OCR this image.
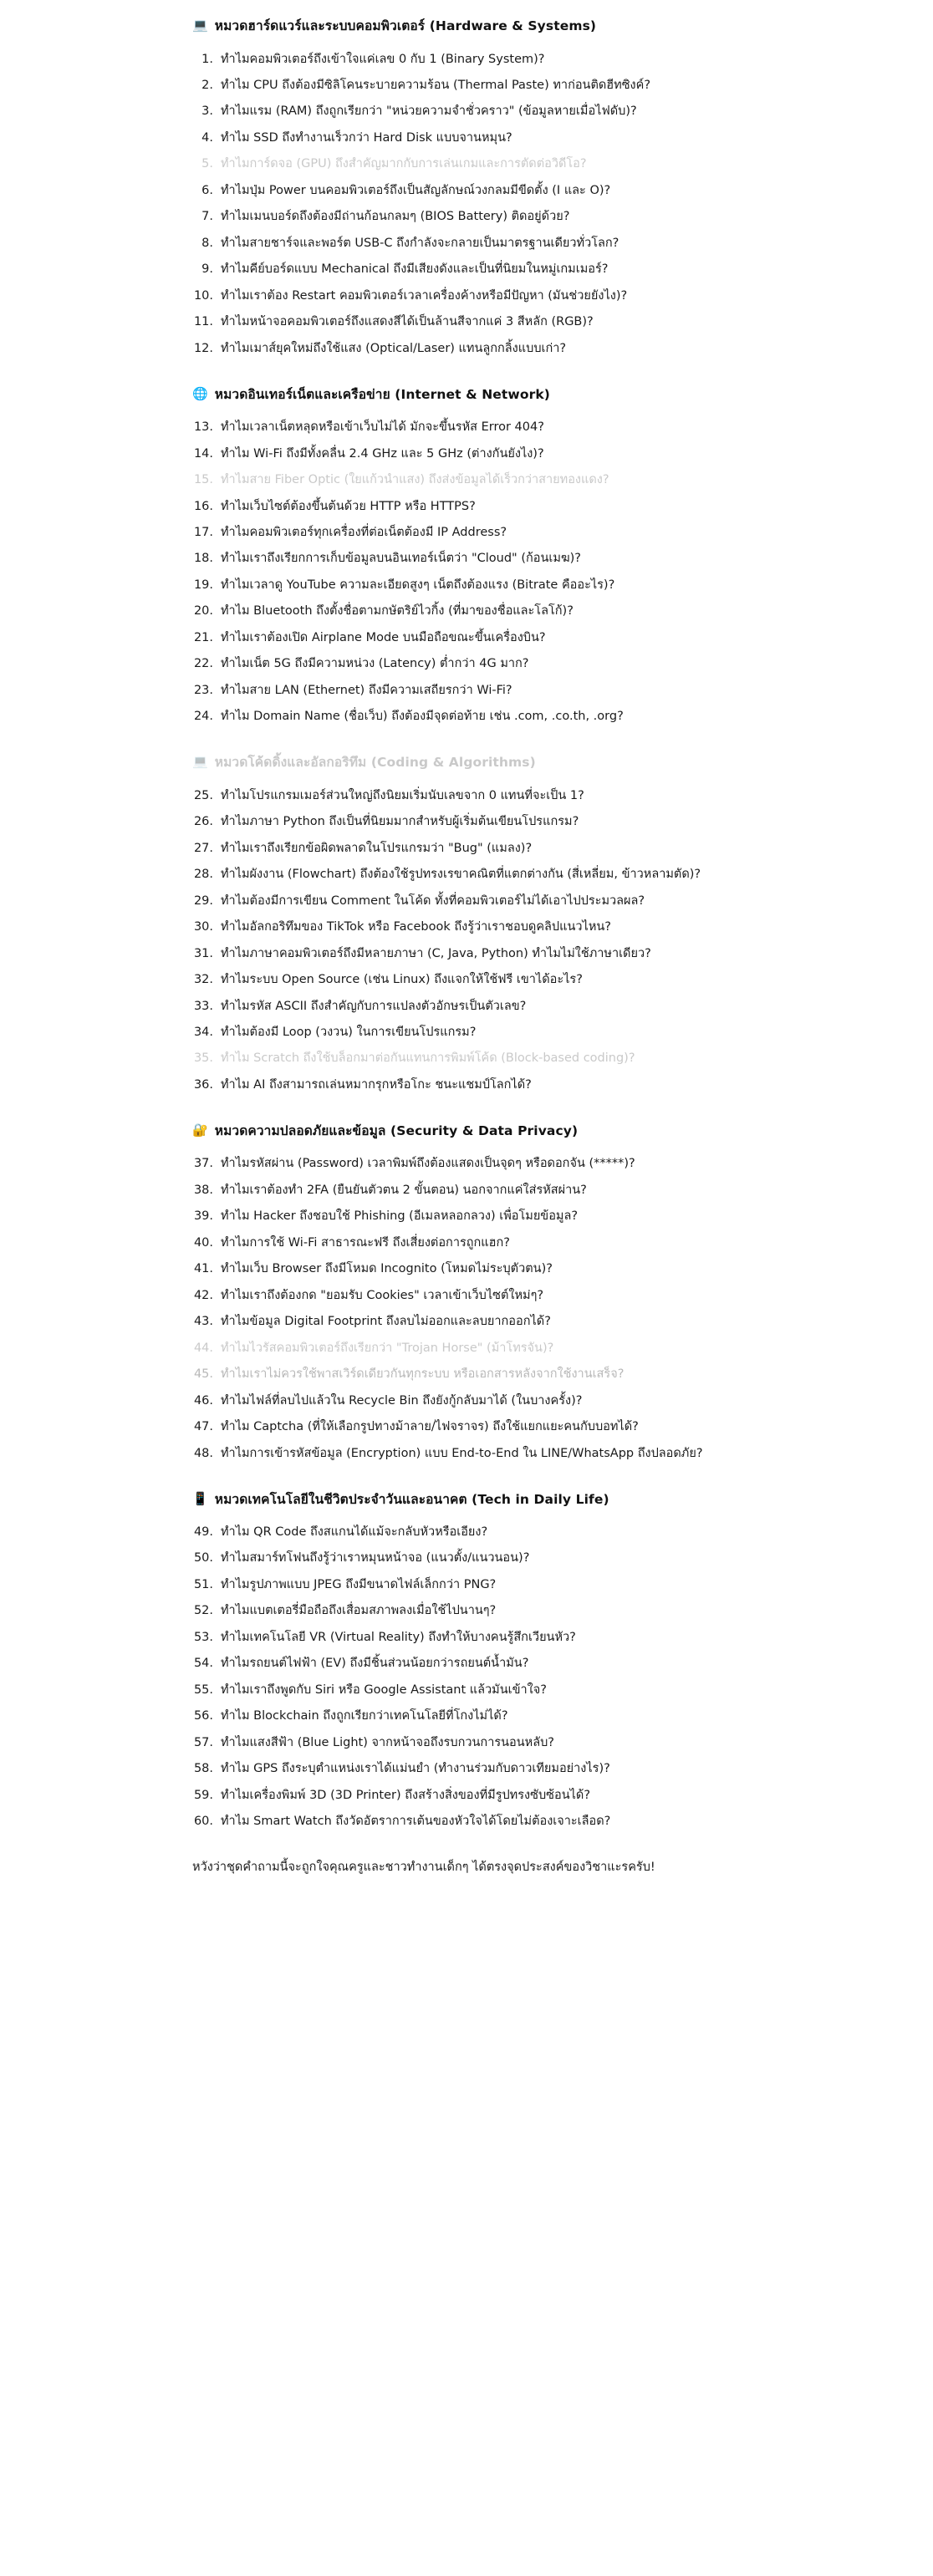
💻 หมวดฮาร์ดแวร์และระบบคอมพิวเตอร์ (Hardware & Systems)
1. ทำไมคอมพิวเตอร์ถึงเข้าใจแค่เลข 0 กับ 1 (Binary System)?
2. ทำไม CPU ถึงต้องมีซิลิโคนระบายความร้อน (Thermal Paste) ทาก่อนติดฮีทซิงค์?
3. ทำไมแรม (RAM) ถึงถูกเรียกว่า "หน่วยความจำชั่วคราว" (ข้อมูลหายเมื่อไฟดับ)?
4. ทำไม SSD ถึงทำงานเร็วกว่า Hard Disk แบบจานหมุน?
5. ทำไมการ์ดจอ (GPU) ถึงสำคัญมากกับการเล่นเกมและการตัดต่อวิดีโอ?
6. ทำไมปุ่ม Power บนคอมพิวเตอร์ถึงเป็นสัญลักษณ์วงกลมมีขีดตั้ง (I และ O)?
7. ทำไมเมนบอร์ดถึงต้องมีถ่านก้อนกลมๆ (BIOS Battery) ติดอยู่ด้วย?
8. ทำไมสายชาร์จและพอร์ต USB-C ถึงกำลังจะกลายเป็นมาตรฐานเดียวทั่วโลก?
9. ทำไมคีย์บอร์ดแบบ Mechanical ถึงมีเสียงดังและเป็นที่นิยมในหมู่เกมเมอร์?
10. ทำไมเราต้อง Restart คอมพิวเตอร์เวลาเครื่องค้างหรือมีปัญหา (มันช่วยยังไง)?
11. ทำไมหน้าจอคอมพิวเตอร์ถึงแสดงสีได้เป็นล้านสีจากแค่ 3 สีหลัก (RGB)?
12. ทำไมเมาส์ยุคใหม่ถึงใช้แสง (Optical/Laser) แทนลูกกลิ้งแบบเก่า?
🌐 หมวดอินเทอร์เน็ตและเครือข่าย (Internet & Network)
13. ทำไมเวลาเน็ตหลุดหรือเข้าเว็บไม่ได้ มักจะขึ้นรหัส Error 404?
14. ทำไม Wi-Fi ถึงมีทั้งคลื่น 2.4 GHz และ 5 GHz (ต่างกันยังไง)?
15. ทำไมสาย Fiber Optic (ใยแก้วนำแสง) ถึงส่งข้อมูลได้เร็วกว่าสายทองแดง?
16. ทำไมเว็บไซต์ต้องขึ้นต้นด้วย HTTP หรือ HTTPS?
17. ทำไมคอมพิวเตอร์ทุกเครื่องที่ต่อเน็ตต้องมี IP Address?
18. ทำไมเราถึงเรียกการเก็บข้อมูลบนอินเทอร์เน็ตว่า "Cloud" (ก้อนเมฆ)?
19. ทำไมเวลาดู YouTube ความละเอียดสูงๆ เน็ตถึงต้องแรง (Bitrate คืออะไร)?
20. ทำไม Bluetooth ถึงตั้งชื่อตามกษัตริย์ไวกิ้ง (ที่มาของชื่อและโลโก้)?
21. ทำไมเราต้องเปิด Airplane Mode บนมือถือขณะขึ้นเครื่องบิน?
22. ทำไมเน็ต 5G ถึงมีความหน่วง (Latency) ต่ำกว่า 4G มาก?
23. ทำไมสาย LAN (Ethernet) ถึงมีความเสถียรกว่า Wi-Fi?
24. ทำไม Domain Name (ชื่อเว็บ) ถึงต้องมีจุดต่อท้าย เช่น .com, .co.th, .org?
💻 หมวดโค้ดดิ้งและอัลกอริทึม (Coding & Algorithms)
25. ทำไมโปรแกรมเมอร์ส่วนใหญ่ถึงนิยมเริ่มนับเลขจาก 0 แทนที่จะเป็น 1?
26. ทำไมภาษา Python ถึงเป็นที่นิยมมากสำหรับผู้เริ่มต้นเขียนโปรแกรม?
27. ทำไมเราถึงเรียกข้อผิดพลาดในโปรแกรมว่า "Bug" (แมลง)?
28. ทำไมผังงาน (Flowchart) ถึงต้องใช้รูปทรงเรขาคณิตที่แตกต่างกัน (สี่เหลี่ยม, ข้าวหลามตัด)?
29. ทำไมต้องมีการเขียน Comment ในโค้ด ทั้งที่คอมพิวเตอร์ไม่ได้เอาไปประมวลผล?
30. ทำไมอัลกอริทึมของ TikTok หรือ Facebook ถึงรู้ว่าเราชอบดูคลิปแนวไหน?
31. ทำไมภาษาคอมพิวเตอร์ถึงมีหลายภาษา (C, Java, Python) ทำไมไม่ใช้ภาษาเดียว?
32. ทำไมระบบ Open Source (เช่น Linux) ถึงแจกให้ใช้ฟรี เขาได้อะไร?
33. ทำไมรหัส ASCII ถึงสำคัญกับการแปลงตัวอักษรเป็นตัวเลข?
34. ทำไมต้องมี Loop (วงวน) ในการเขียนโปรแกรม?
35. ทำไม Scratch ถึงใช้บล็อกมาต่อกันแทนการพิมพ์โค้ด (Block-based coding)?
36. ทำไม AI ถึงสามารถเล่นหมากรุกหรือโกะ ชนะแชมป์โลกได้?
🔐 หมวดความปลอดภัยและข้อมูล (Security & Data Privacy)
37. ทำไมรหัสผ่าน (Password) เวลาพิมพ์ถึงต้องแสดงเป็นจุดๆ หรือดอกจัน (*****)?
38. ทำไมเราต้องทำ 2FA (ยืนยันตัวตน 2 ขั้นตอน) นอกจากแค่ใส่รหัสผ่าน?
39. ทำไม Hacker ถึงชอบใช้ Phishing (อีเมลหลอกลวง) เพื่อโมยข้อมูล?
40. ทำไมการใช้ Wi-Fi สาธารณะฟรี ถึงเสี่ยงต่อการถูกแฮก?
41. ทำไมเว็บ Browser ถึงมีโหมด Incognito (โหมดไม่ระบุตัวตน)?
42. ทำไมเราถึงต้องกด "ยอมรับ Cookies" เวลาเข้าเว็บไซต์ใหม่ๆ?
43. ทำไมข้อมูล Digital Footprint ถึงลบไม่ออกและลบยากออกได้?
44. ทำไมไวรัสคอมพิวเตอร์ถึงเรียกว่า "Trojan Horse" (ม้าโทรจัน)?
45. ทำไมเราไม่ควรใช้พาสเวิร์ดเดียวกันทุกระบบ หรือเอกสารหลังจากใช้งานเสร็จ?
46. ทำไมไฟล์ที่ลบไปแล้วใน Recycle Bin ถึงยังกู้กลับมาได้ (ในบางครั้ง)?
47. ทำไม Captcha (ที่ให้เลือกรูปทางม้าลาย/ไฟจราจร) ถึงใช้แยกแยะคนกับบอทได้?
48. ทำไมการเข้ารหัสข้อมูล (Encryption) แบบ End-to-End ใน LINE/WhatsApp ถึงปลอดภัย?
📱 หมวดเทคโนโลยีในชีวิตประจำวันและอนาคต (Tech in Daily Life)
49. ทำไม QR Code ถึงสแกนได้แม้จะกลับหัวหรือเอียง?
50. ทำไมสมาร์ทโฟนถึงรู้ว่าเราหมุนหน้าจอ (แนวตั้ง/แนวนอน)?
51. ทำไมรูปภาพแบบ JPEG ถึงมีขนาดไฟล์เล็กกว่า PNG?
52. ทำไมแบตเตอรี่มือถือถึงเสื่อมสภาพลงเมื่อใช้ไปนานๆ?
53. ทำไมเทคโนโลยี VR (Virtual Reality) ถึงทำให้บางคนรู้สึกเวียนหัว?
54. ทำไมรถยนต์ไฟฟ้า (EV) ถึงมีชิ้นส่วนน้อยกว่ารถยนต์น้ำมัน?
55. ทำไมเราถึงพูดกับ Siri หรือ Google Assistant แล้วมันเข้าใจ?
56. ทำไม Blockchain ถึงถูกเรียกว่าเทคโนโลยีที่โกงไม่ได้?
57. ทำไมแสงสีฟ้า (Blue Light) จากหน้าจอถึงรบกวนการนอนหลับ?
58. ทำไม GPS ถึงระบุตำแหน่งเราได้แม่นยำ (ทำงานร่วมกับดาวเทียมอย่างไร)?
59. ทำไมเครื่องพิมพ์ 3D (3D Printer) ถึงสร้างสิ่งของที่มีรูปทรงซับซ้อนได้?
60. ทำไม Smart Watch ถึงวัดอัตราการเต้นของหัวใจได้โดยไม่ต้องเจาะเลือด?
หวังว่าชุดคำถามนี้จะถูกใจคุณครูและชาวทำงานเด็กๆ ได้ตรงจุดประสงค์ของวิชาแะรครับ!
